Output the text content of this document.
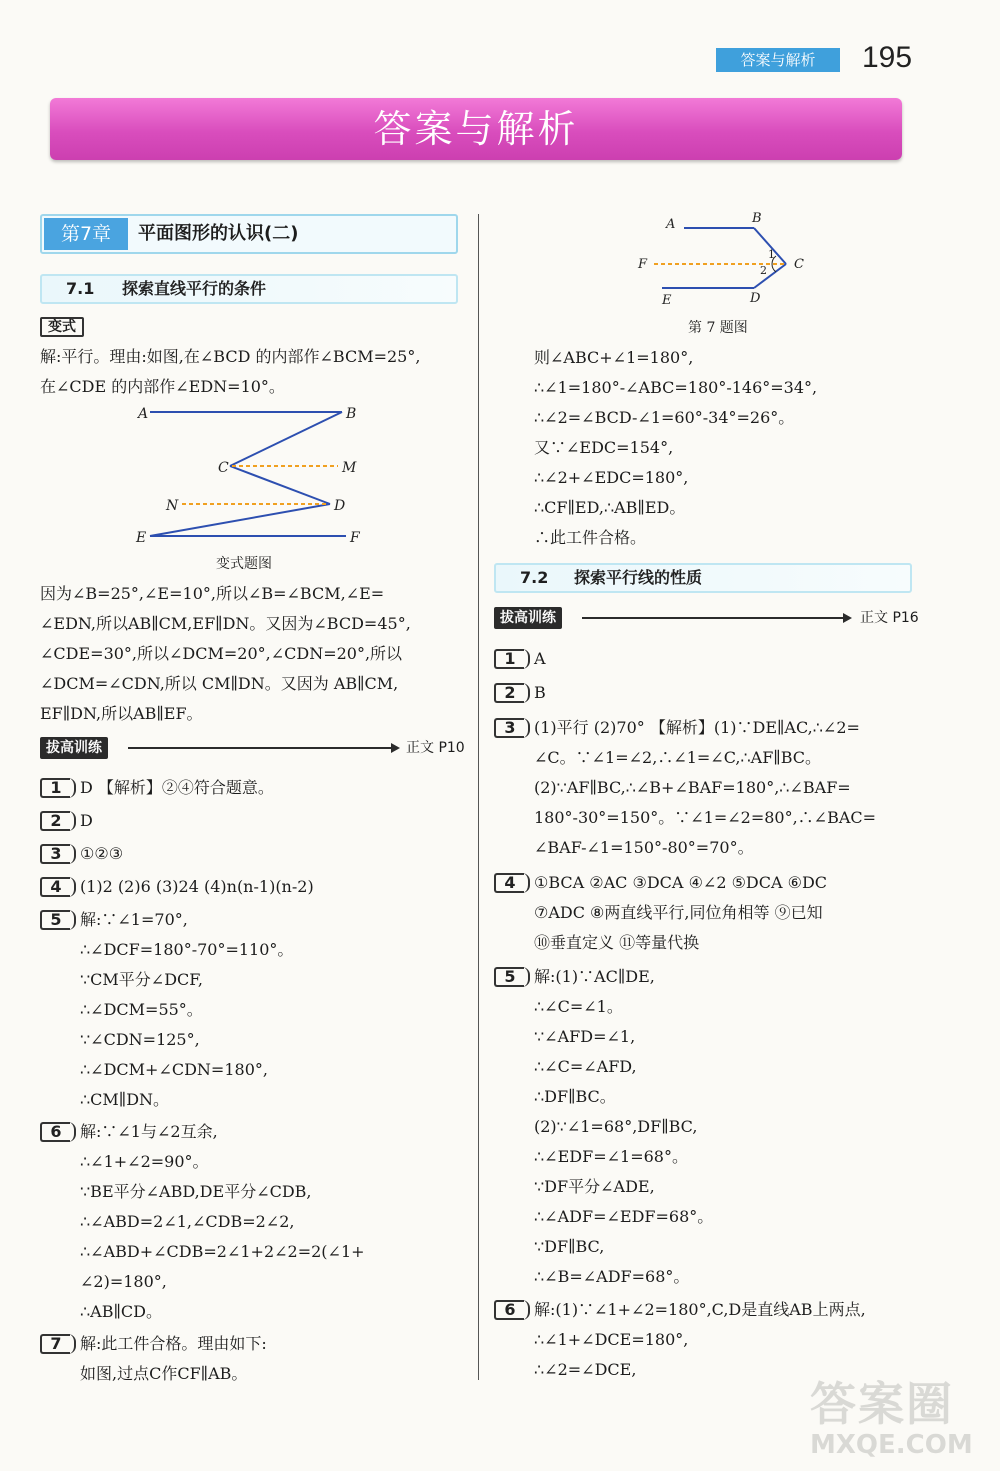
答案与解析	195
答案与解析
第7章	平面图形的认识(二)
7.1 探索直线平行的条件
变式
解:平行。理由:如图,在∠BCD 的内部作∠BCM=25°,
在∠CDE 的内部作∠EDN=10°。
A	B
C	M
N	D
E	F
变式题图
因为∠B=25°,∠E=10°,所以∠B=∠BCM,∠E=
∠EDN,所以AB∥CM,EF∥DN。又因为∠BCD=45°,
∠CDE=30°,所以∠DCM=20°,∠CDN=20°,所以
∠DCM=∠CDN,所以 CM∥DN。又因为 AB∥CM,
EF∥DN,所以AB∥EF。
拔高训练	正文 P10
1	D 【解析】②④符合题意。
2	D
3	①②③
4	(1)2 (2)6 (3)24 (4)n(n-1)(n-2)
5	解:∵∠1=70°,
∴∠DCF=180°-70°=110°。
∵CM平分∠DCF,
∴∠DCM=55°。
∵∠CDN=125°,
∴∠DCM+∠CDN=180°,
∴CM∥DN。
6	解:∵∠1与∠2互余,
∴∠1+∠2=90°。
∵BE平分∠ABD,DE平分∠CDB,
∴∠ABD=2∠1,∠CDB=2∠2,
∴∠ABD+∠CDB=2∠1+2∠2=2(∠1+
∠2)=180°,
∴AB∥CD。
7	解:此工件合格。理由如下:
如图,过点C作CF∥AB。
A	B
C
D
E
F
1
2
第 7 题图
则∠ABC+∠1=180°,
∴∠1=180°-∠ABC=180°-146°=34°,
∴∠2=∠BCD-∠1=60°-34°=26°。
又∵∠EDC=154°,
∴∠2+∠EDC=180°,
∴CF∥ED,∴AB∥ED。
∴此工件合格。
7.2 探索平行线的性质
拔高训练	正文 P16
1	A
2	B
3	(1)平行 (2)70° 【解析】(1)∵DE∥AC,∴∠2=
∠C。∵∠1=∠2,∴∠1=∠C,∴AF∥BC。
(2)∵AF∥BC,∴∠B+∠BAF=180°,∴∠BAF=
180°-30°=150°。∵∠1=∠2=80°,∴∠BAC=
∠BAF-∠1=150°-80°=70°。
4	①BCA ②AC ③DCA ④∠2 ⑤DCA ⑥DC
⑦ADC ⑧两直线平行,同位角相等 ⑨已知
⑩垂直定义 ⑪等量代换
5	解:(1)∵AC∥DE,
∴∠C=∠1。
∵∠AFD=∠1,
∴∠C=∠AFD,
∴DF∥BC。
(2)∵∠1=68°,DF∥BC,
∴∠EDF=∠1=68°。
∵DF平分∠ADE,
∴∠ADF=∠EDF=68°。
∵DF∥BC,
∴∠B=∠ADF=68°。
6	解:(1)∵∠1+∠2=180°,C,D是直线AB上两点,
∴∠1+∠DCE=180°,
∴∠2=∠DCE,
答案圈
MXQE.COM
